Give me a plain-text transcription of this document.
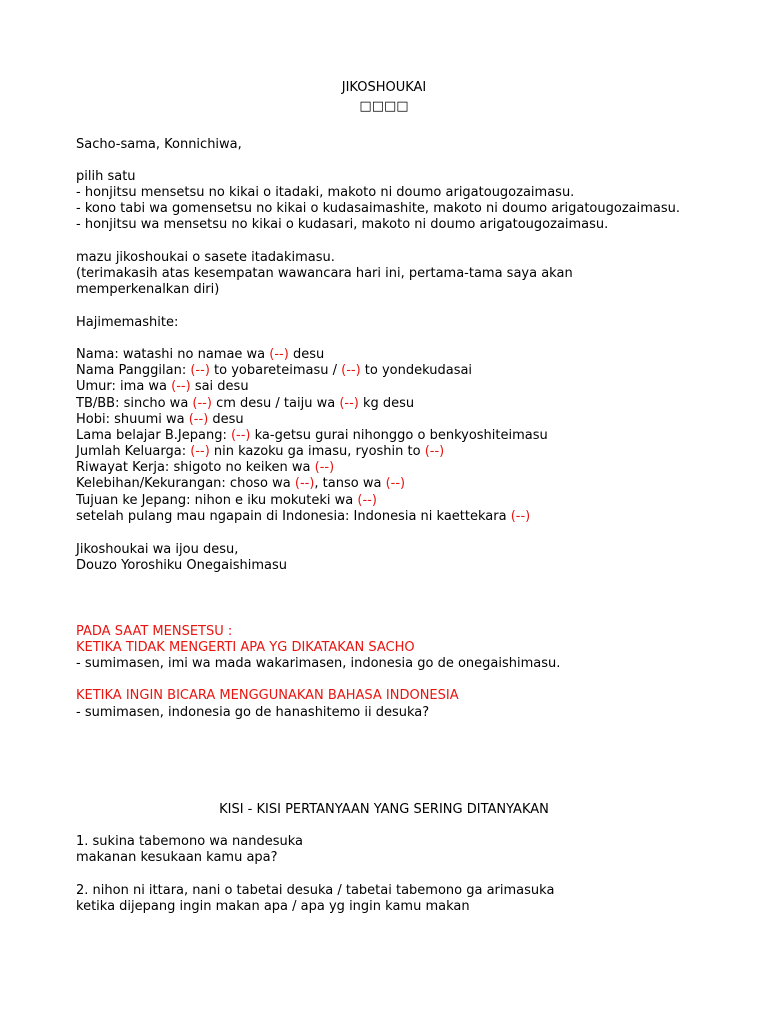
JIKOSHOUKAI
□□□□
Sacho-sama, Konnichiwa,
pilih satu
- honjitsu mensetsu no kikai o itadaki, makoto ni doumo arigatougozaimasu.
- kono tabi wa gomensetsu no kikai o kudasaimashite, makoto ni doumo arigatougozaimasu.
- honjitsu wa mensetsu no kikai o kudasari, makoto ni doumo arigatougozaimasu.
mazu jikoshoukai o sasete itadakimasu.
(terimakasih atas kesempatan wawancara hari ini, pertama-tama saya akan
memperkenalkan diri)
Hajimemashite:
Nama: watashi no namae wa (--) desu
Nama Panggilan: (--) to yobareteimasu / (--) to yondekudasai
Umur: ima wa (--) sai desu
TB/BB: sincho wa (--) cm desu / taiju wa (--) kg desu
Hobi: shuumi wa (--) desu
Lama belajar B.Jepang: (--) ka-getsu gurai nihonggo o benkyoshiteimasu
Jumlah Keluarga: (--) nin kazoku ga imasu, ryoshin to (--)
Riwayat Kerja: shigoto no keiken wa (--)
Kelebihan/Kekurangan: choso wa (--), tanso wa (--)
Tujuan ke Jepang: nihon e iku mokuteki wa (--)
setelah pulang mau ngapain di Indonesia: Indonesia ni kaettekara (--)
Jikoshoukai wa ijou desu,
Douzo Yoroshiku Onegaishimasu
PADA SAAT MENSETSU :
KETIKA TIDAK MENGERTI APA YG DIKATAKAN SACHO
- sumimasen, imi wa mada wakarimasen, indonesia go de onegaishimasu.
KETIKA INGIN BICARA MENGGUNAKAN BAHASA INDONESIA
- sumimasen, indonesia go de hanashitemo ii desuka?
KISI - KISI PERTANYAAN YANG SERING DITANYAKAN
1. sukina tabemono wa nandesuka
makanan kesukaan kamu apa?
2. nihon ni ittara, nani o tabetai desuka / tabetai tabemono ga arimasuka
ketika dijepang ingin makan apa / apa yg ingin kamu makan
